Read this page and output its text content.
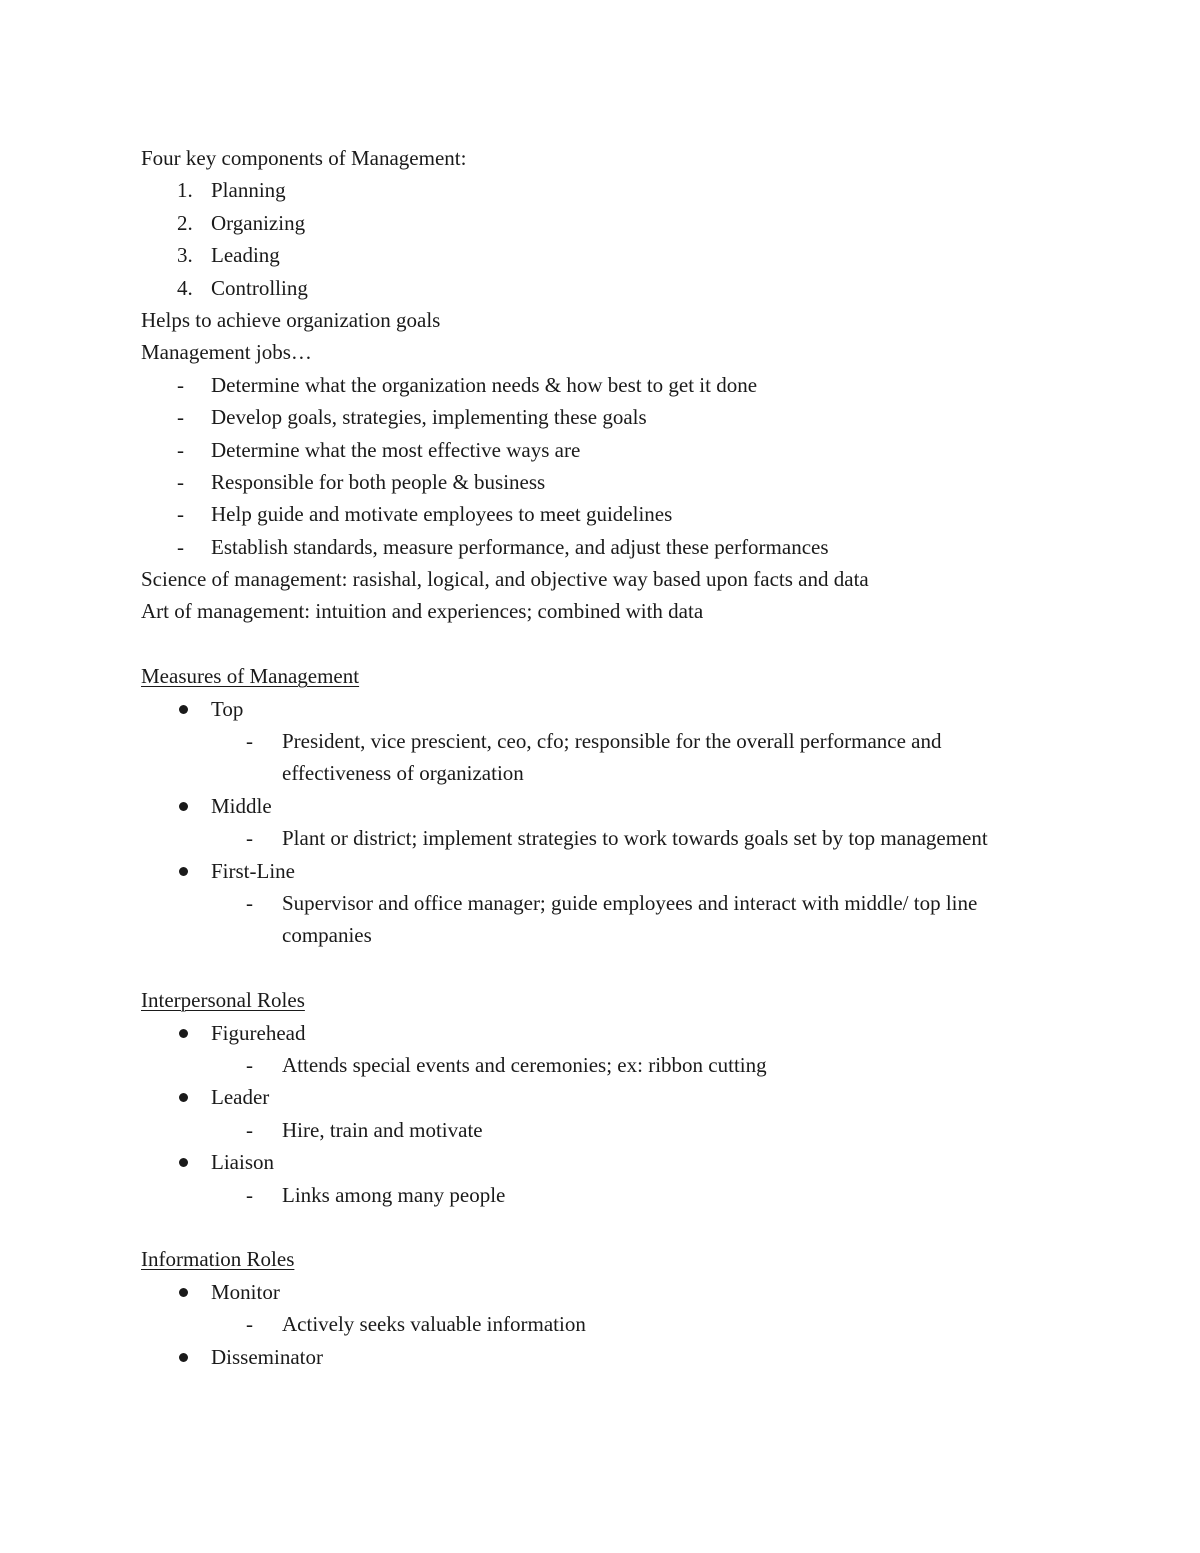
Four key components of Management:
1. Planning
2. Organizing
3. Leading
4. Controlling
Helps to achieve organization goals
Management jobs…
- Determine what the organization needs & how best to get it done
- Develop goals, strategies, implementing these goals
- Determine what the most effective ways are
- Responsible for both people & business
- Help guide and motivate employees to meet guidelines
- Establish standards, measure performance, and adjust these performances
Science of management: rasishal, logical, and objective way based upon facts and data
Art of management: intuition and experiences; combined with data
Measures of Management
Top
- President, vice prescient, ceo, cfo; responsible for the overall performance and effectiveness of organization
Middle
- Plant or district; implement strategies to work towards goals set by top management
First-Line
- Supervisor and office manager; guide employees and interact with middle/ top line companies
Interpersonal Roles
Figurehead
- Attends special events and ceremonies; ex: ribbon cutting
Leader
- Hire, train and motivate
Liaison
- Links among many people
Information Roles
Monitor
- Actively seeks valuable information
Disseminator
